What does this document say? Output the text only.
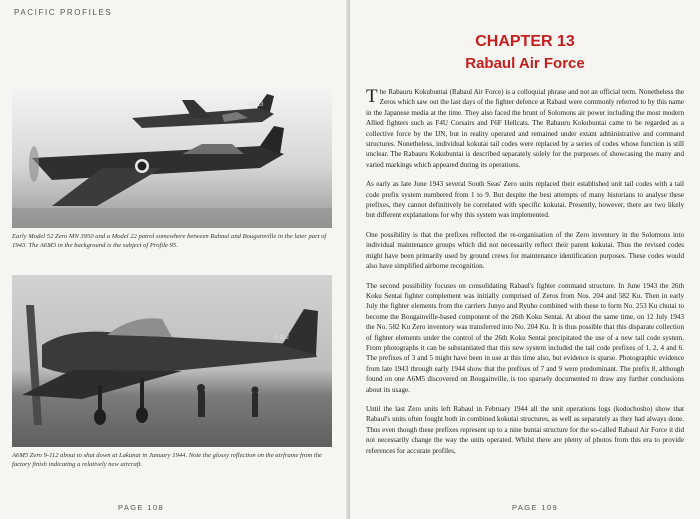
PACIFIC PROFILES
4-123

Early Model 52 Zero MN 3950 and a Model 22 patrol somewhere between Rabaul and Bougainville in the later part of 1943. The A6M3 in the background is the subject of Profile 95.

9-112

A6M5 Zero 9-112 about to shut down at Lakunai in January 1944. Note the glossy reflection on the airframe from the factory finish indicating a relatively new aircraft.

PAGE 108
CHAPTER 13
Rabaul Air Force

The Rabauru Kokubuntai (Rabaul Air Force) is a colloquial phrase and not an official term. Nonetheless the Zeros which saw out the last days of the fighter defence at Rabaul were commonly referred to by this name in the Japanese media at the time. They also faced the brunt of Solomons air power including the most modern Allied fighters such as F4U Corsairs and F6F Hellcats. The Rabauru Kokubuntai came to be regarded as a collective force by the IJN, but in reality operated and remained under extant administrative and command structures. Nonetheless, individual kokutai tail codes were replaced by a series of codes whose function is still unclear. The Rabauru Kokubuntai is described separately solely for the purposes of showcasing the many and varied markings which appeared during its operations.

As early as late June 1943 several South Seas' Zero units replaced their established unit tail codes with a tail code prefix system numbered from 1 to 9. But despite the best attempts of many historians to analyse these prefixes, they cannot definitively be correlated with specific kokutai. Presently, however, there are two likely but different explanations for why this system was implemented.

One possibility is that the prefixes reflected the re-organisation of the Zero inventory in the Solomons into individual maintenance groups which did not necessarily reflect their parent kokutai. Thus the revised codes might have been primarily used by ground crews for maintenance identification purposes. These codes would also have simplified airborne recognition.

The second possibility focuses on consolidating Rabaul's fighter command structure. In June 1943 the 26th Koku Sentai fighter complement was initially comprised of Zeros from Nos. 204 and 582 Ku. Then in early July the fighter elements from the carriers Junyo and Ryuho combined with these to form No. 253 Ku chutai to become the Bougainville-based component of the 26th Koku Sentai. At about the same time, on 12 July 1943 the No. 582 Ku Zero inventory was transferred into No. 204 Ku. It is thus possible that this disparate collection of fighter elements under the control of the 26th Koku Sentai precipitated the use of a new tail code system. From photographs it can be substantiated that this new system included the tail code prefixes of 1, 2, 4 and 6. The prefixes of 3 and 5 might have been in use at this time also, but evidence is sparse. Photographic evidence from late 1943 through early 1944 show that the prefixes of 7 and 9 were predominant. The prefix 8, although found on one A6M5 discovered on Bougainville, is too sparsely documented to draw any further conclusions about its usage.

Until the last Zero units left Rabaul in February 1944 all the unit operations logs (kodochosho) show that Rabaul's units often fought both in combined kokutai structures, as well as separately as they had always done. Thus even though these prefixes represent up to a nine buntai structure for the so-called Rabaul Air Force it did not necessarily change the way the units operated. Whilst there are plenty of photos from this era to provide references for accurate profiles,

PAGE 109
